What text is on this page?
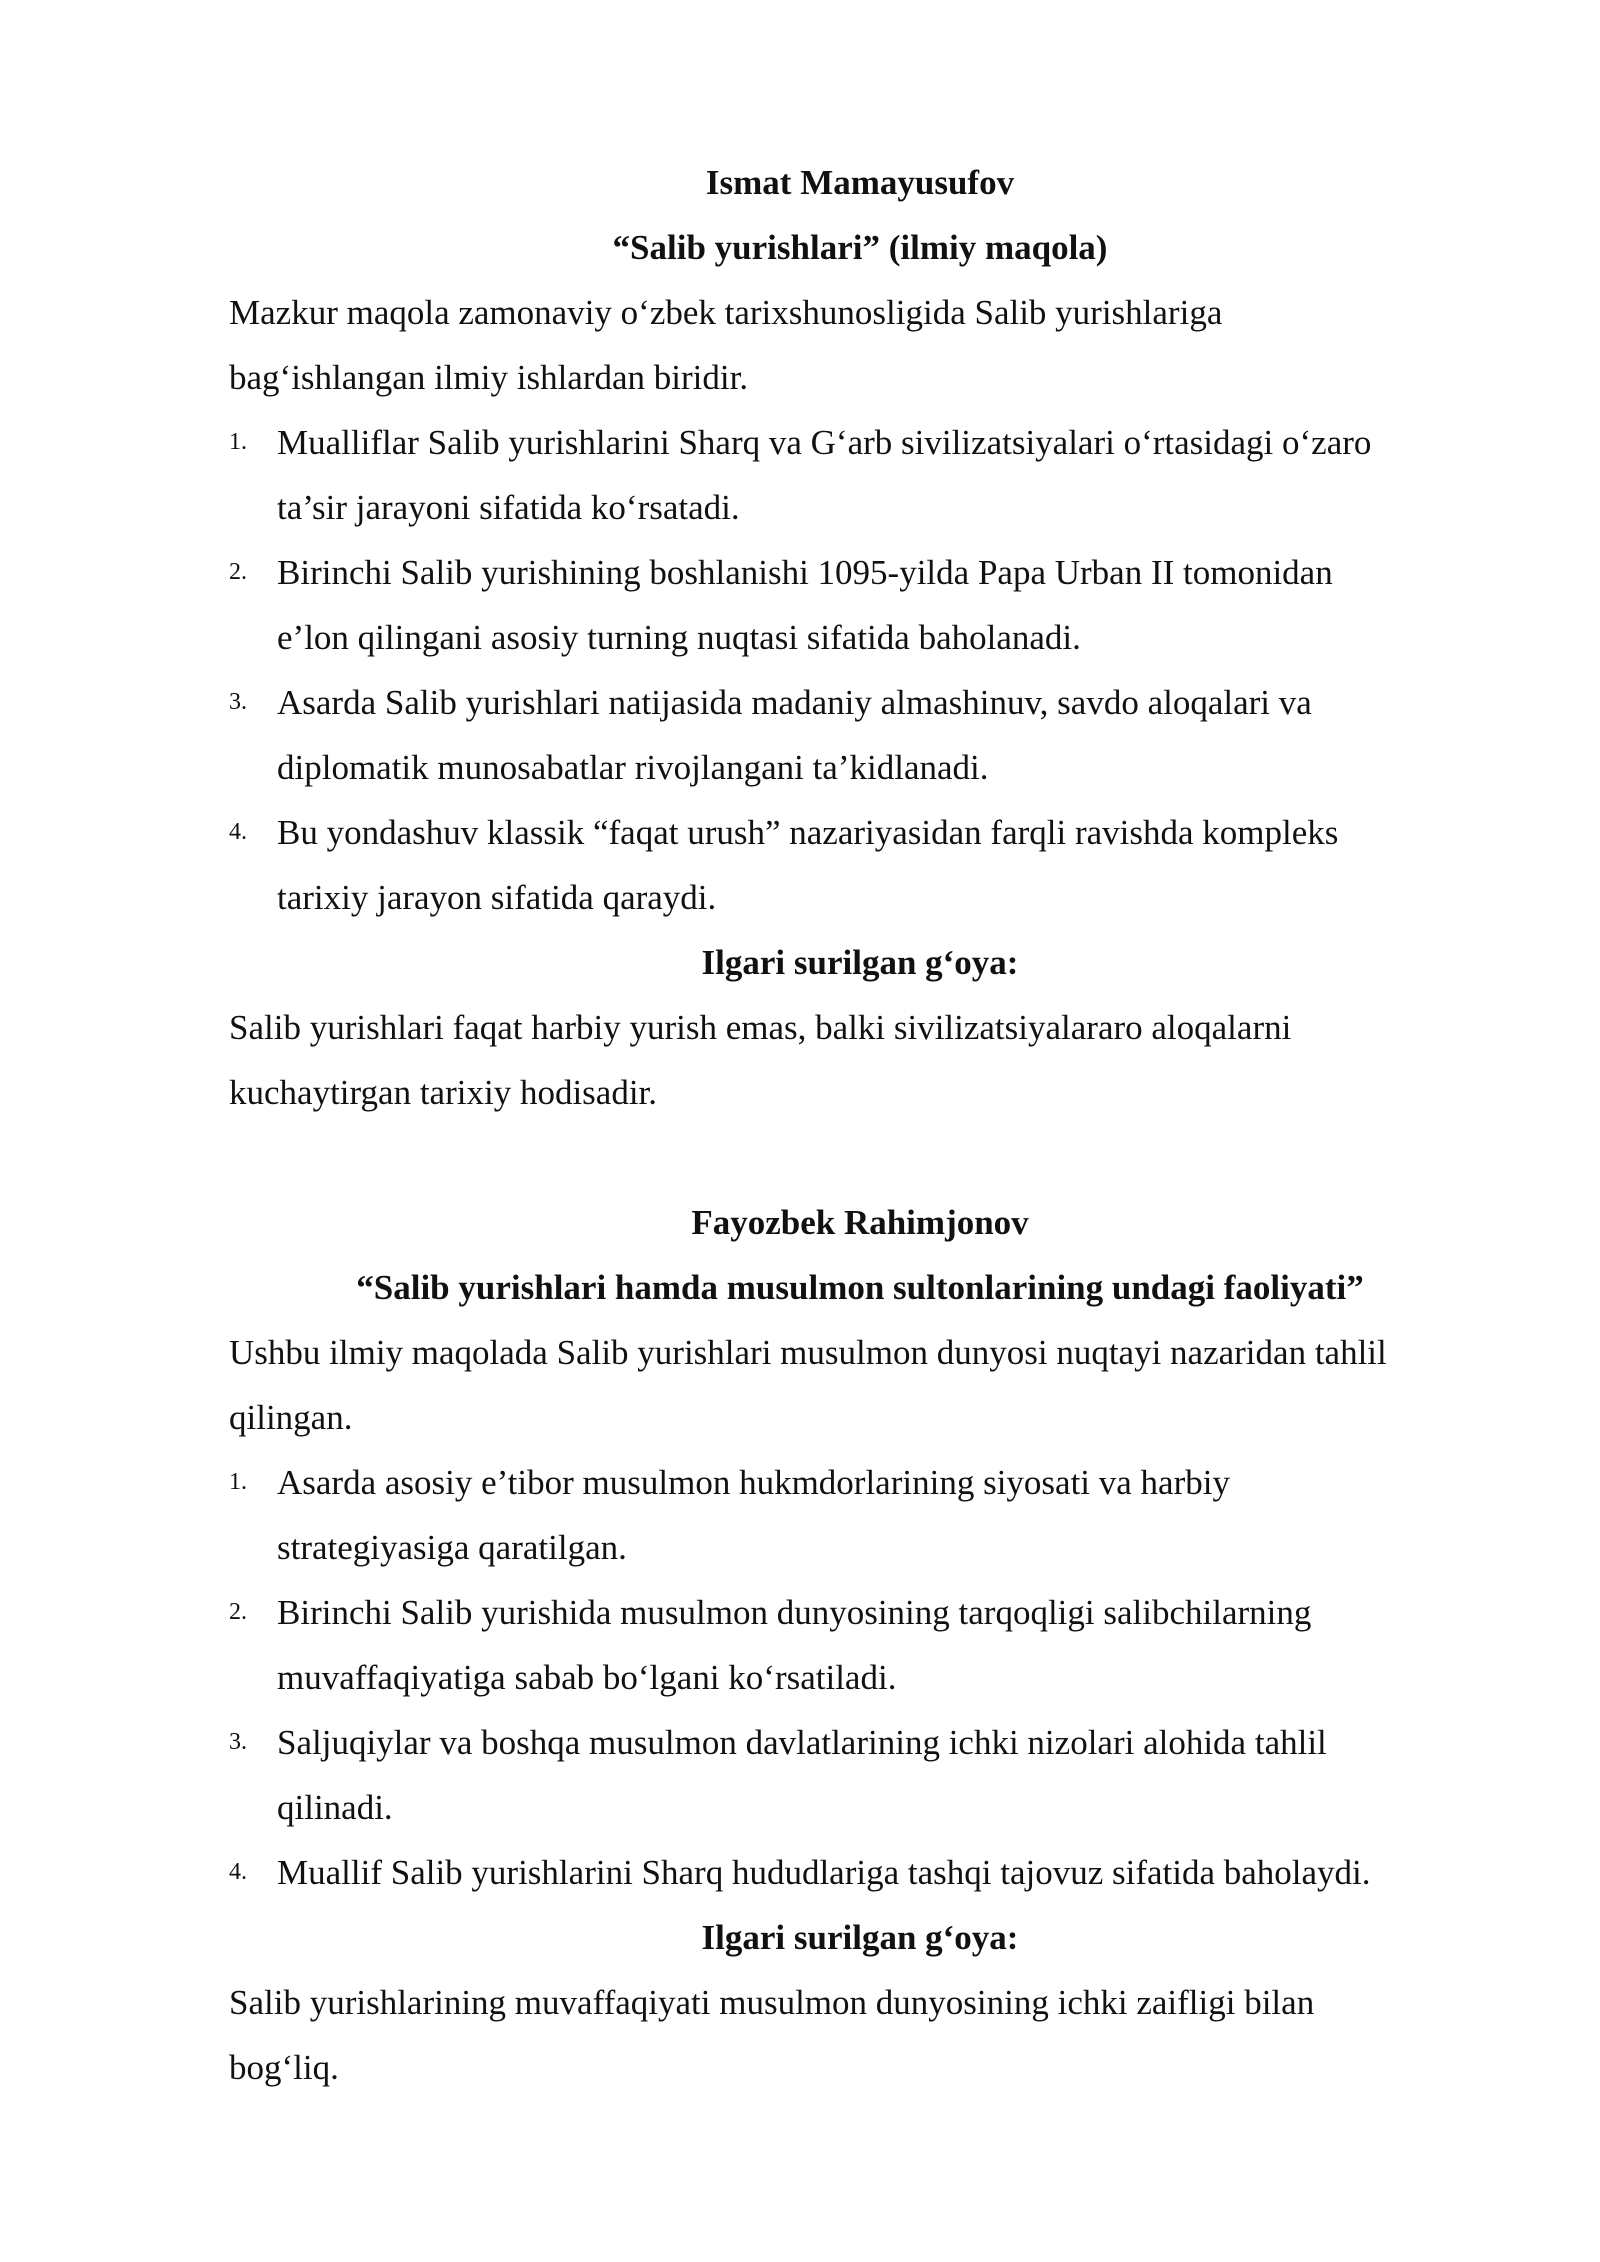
Ismat Mamayusufov
“Salib yurishlari” (ilmiy maqola)
Mazkur maqola zamonaviy o‘zbek tarixshunosligida Salib yurishlariga
bag‘ishlangan ilmiy ishlardan biridir.
1. Mualliflar Salib yurishlarini Sharq va G‘arb sivilizatsiyalari o‘rtasidagi o‘zaro
ta’sir jarayoni sifatida ko‘rsatadi.
2. Birinchi Salib yurishining boshlanishi 1095-yilda Papa Urban II tomonidan
e’lon qilingani asosiy turning nuqtasi sifatida baholanadi.
3. Asarda Salib yurishlari natijasida madaniy almashinuv, savdo aloqalari va
diplomatik munosabatlar rivojlangani ta’kidlanadi.
4. Bu yondashuv klassik “faqat urush” nazariyasidan farqli ravishda kompleks
tarixiy jarayon sifatida qaraydi.
Ilgari surilgan g‘oya:
Salib yurishlari faqat harbiy yurish emas, balki sivilizatsiyalararo aloqalarni
kuchaytirgan tarixiy hodisadir.
Fayozbek Rahimjonov
“Salib yurishlari hamda musulmon sultonlarining undagi faoliyati”
Ushbu ilmiy maqolada Salib yurishlari musulmon dunyosi nuqtayi nazaridan tahlil
qilingan.
1. Asarda asosiy e’tibor musulmon hukmdorlarining siyosati va harbiy
strategiyasiga qaratilgan.
2. Birinchi Salib yurishida musulmon dunyosining tarqoqligi salibchilarning
muvaffaqiyatiga sabab bo‘lgani ko‘rsatiladi.
3. Saljuqiylar va boshqa musulmon davlatlarining ichki nizolari alohida tahlil
qilinadi.
4. Muallif Salib yurishlarini Sharq hududlariga tashqi tajovuz sifatida baholaydi.
Ilgari surilgan g‘oya:
Salib yurishlarining muvaffaqiyati musulmon dunyosining ichki zaifligi bilan
bog‘liq.
